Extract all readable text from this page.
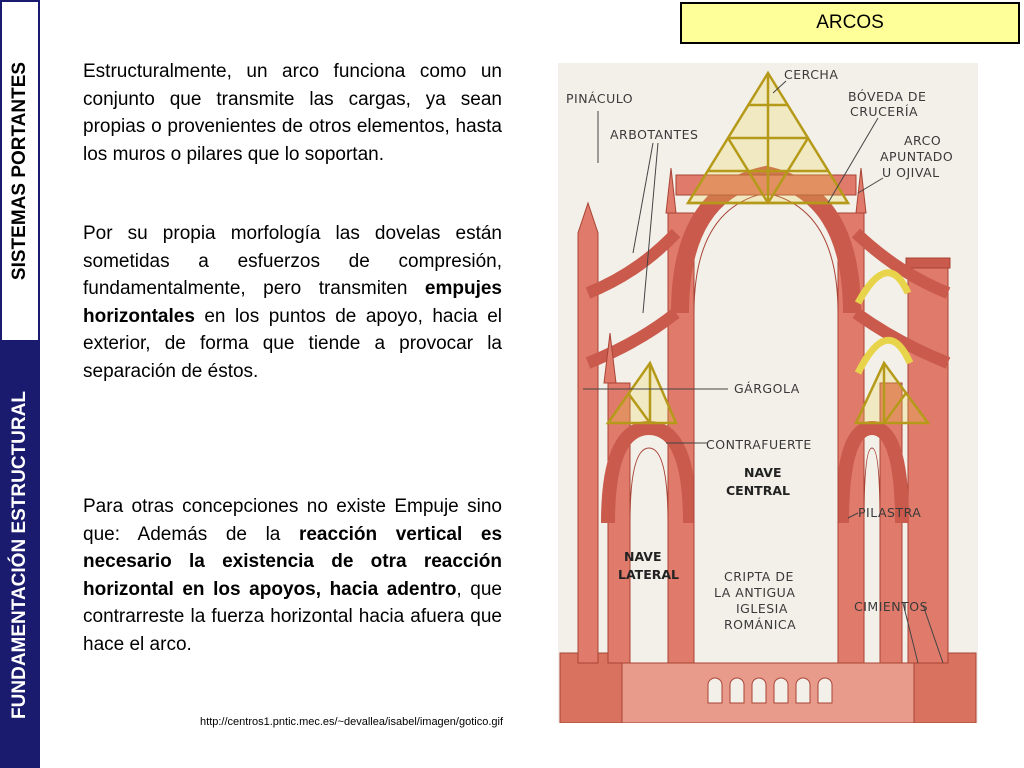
SISTEMAS PORTANTES
FUNDAMENTACIÓN ESTRUCTURAL
ARCOS

Estructuralmente, un arco funciona como un conjunto que transmite las cargas, ya sean propias o provenientes de otros elementos, hasta los muros o pilares que lo soportan.

Por su propia morfología las dovelas están sometidas a esfuerzos de compresión, fundamentalmente, pero transmiten empujes horizontales en los puntos de apoyo, hacia el exterior, de forma que tiende a provocar la separación de éstos.

Para otras concepciones no existe Empuje sino que: Además de la reacción vertical es necesario la existencia de otra reacción horizontal en los apoyos, hacia adentro, que contrarreste la fuerza horizontal hacia afuera que hace el arco.

http://centros1.pntic.mec.es/~devallea/isabel/imagen/gotico.gif
CERCHA
PINÁCULO	BÓVEDA DE
CRUCERÍA
ARBOTANTES	ARCO
APUNTADO
U OJIVAL
GÁRGOLA
CONTRAFUERTE
NAVE
CENTRAL
PILASTRA
NAVE
LATERAL	CRIPTA DE
LA ANTIGUA
IGLESIA
ROMÁNICA
CIMIENTOS
